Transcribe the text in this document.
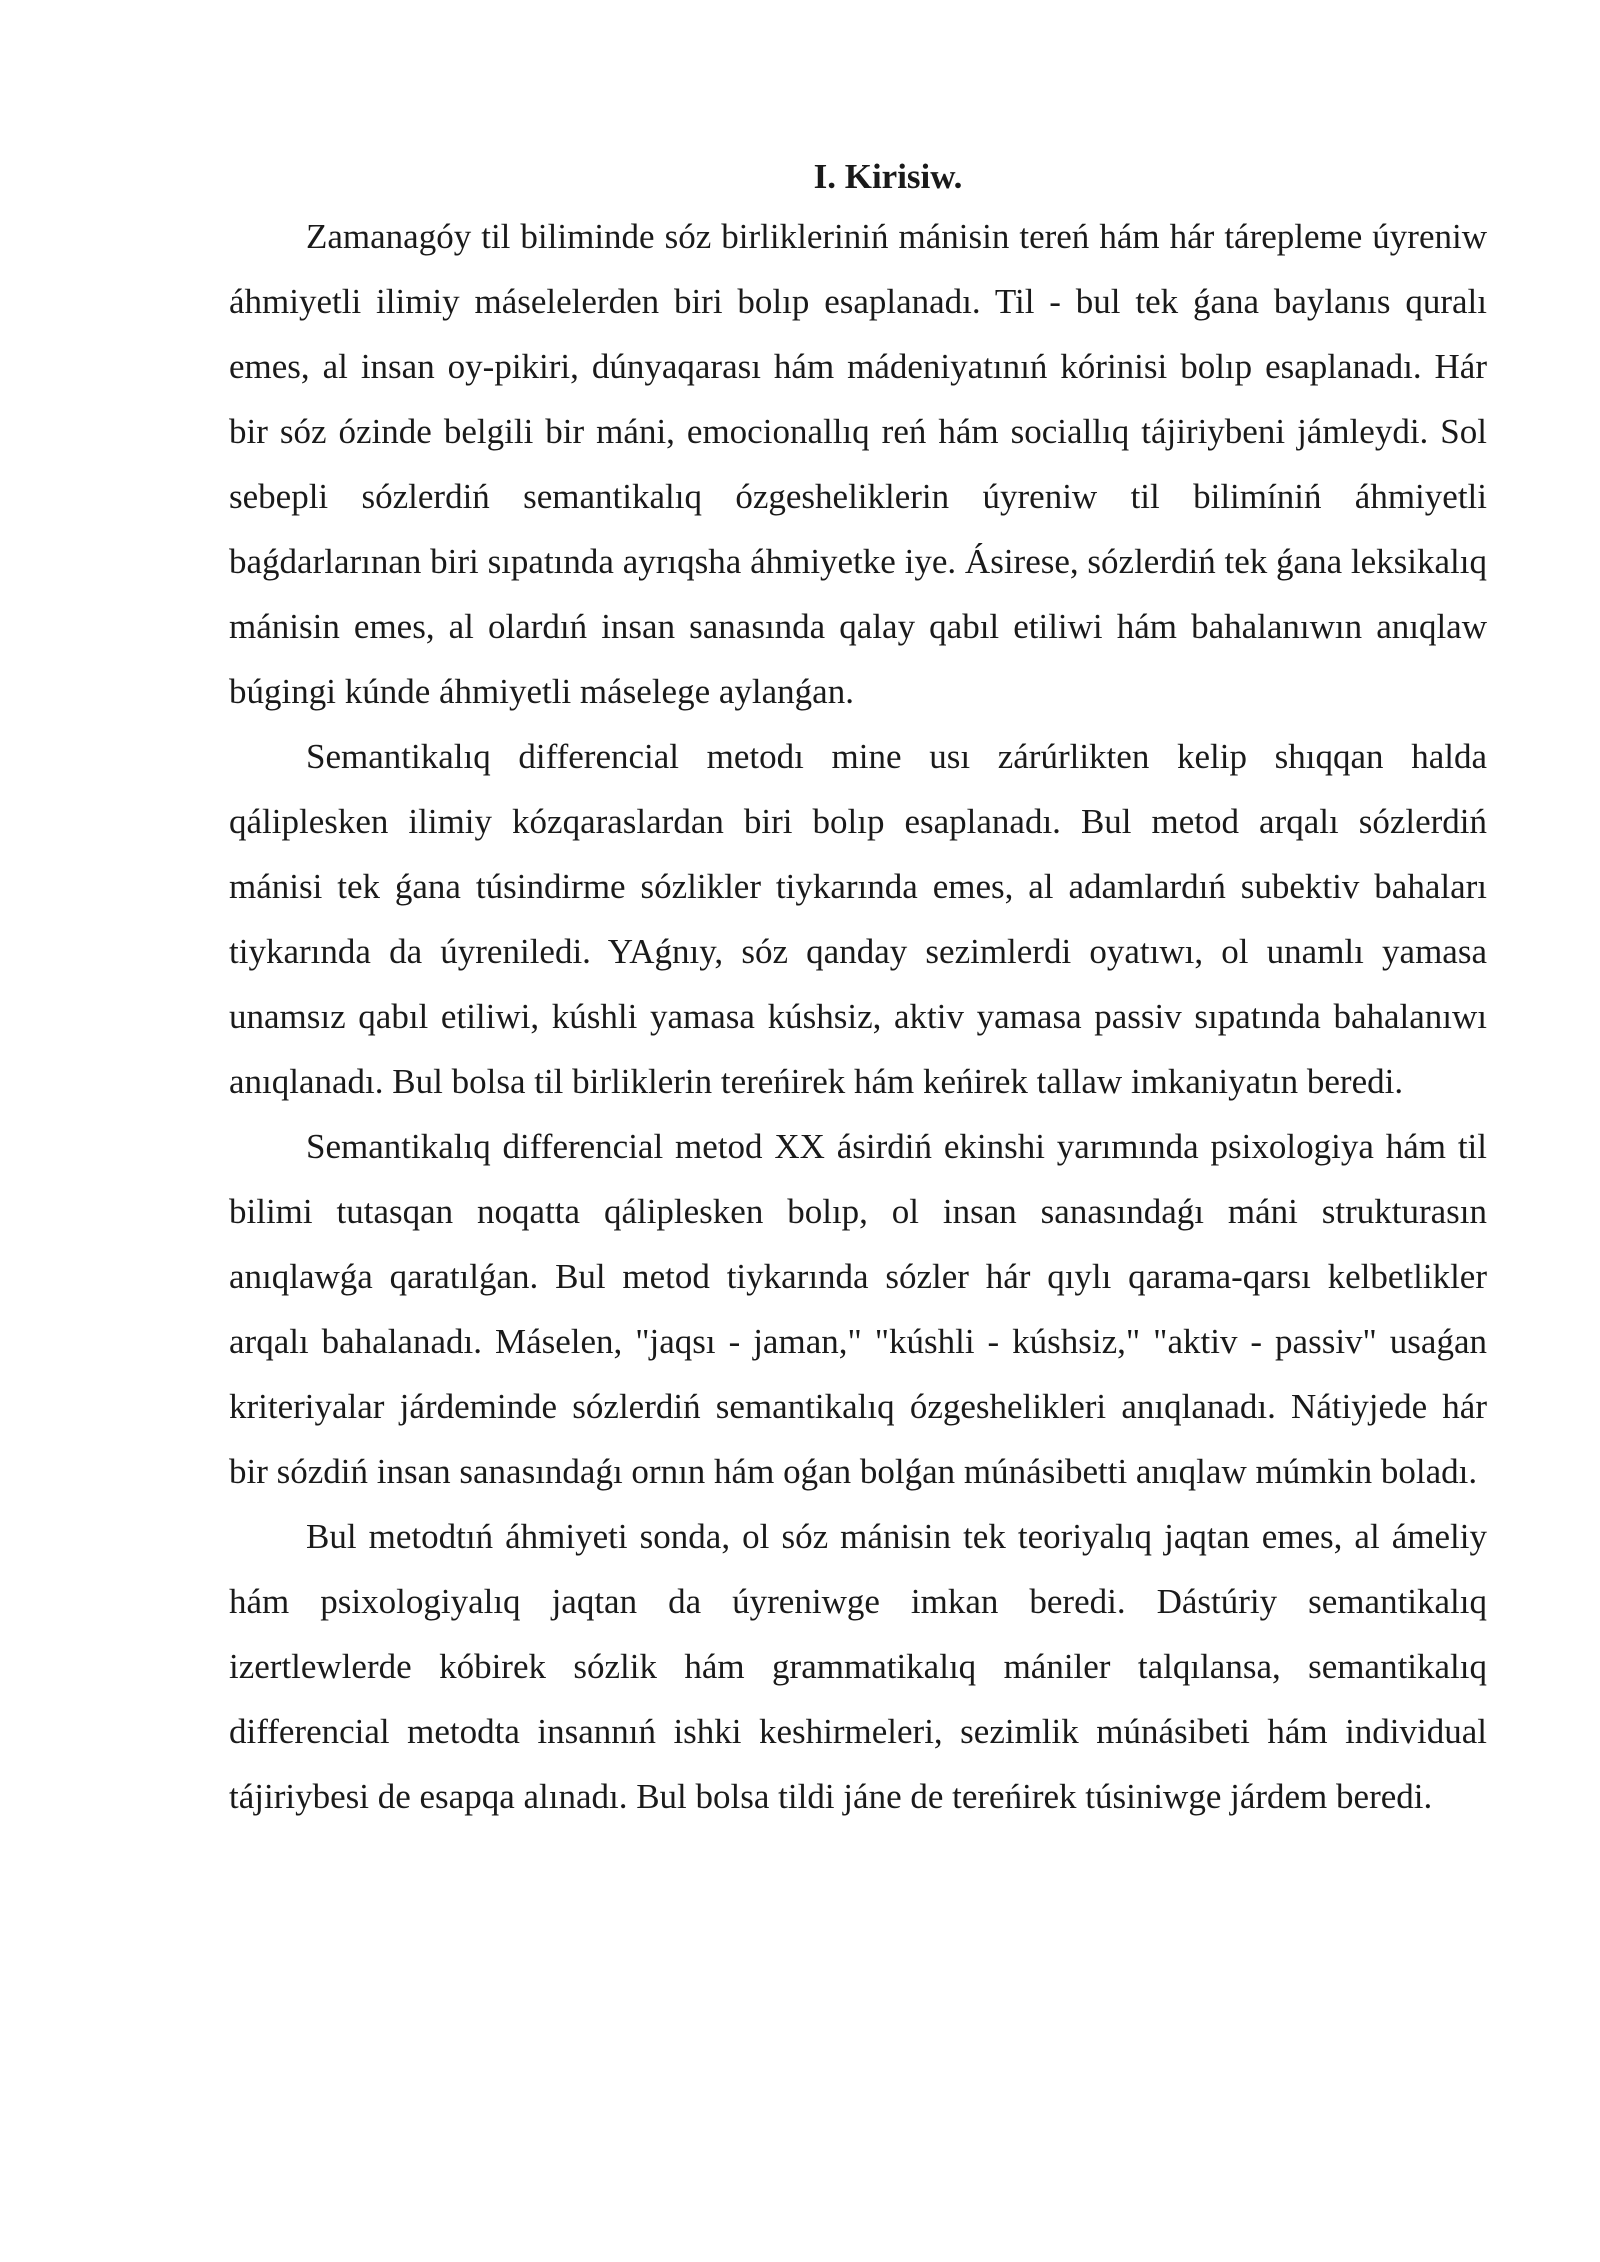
I. Kirisiw.

Zamanagóy til biliminde sóz birlikleriniń mánisin tereń hám hár tárepleme úyreniw áhmiyetli ilimiy máselelerden biri bolıp esaplanadı. Til - bul tek ǵana baylanıs quralı emes, al insan oy-pikiri, dúnyaqarası hám mádeniyatınıń kórinisi bolıp esaplanadı. Hár bir sóz ózinde belgili bir máni, emocionallıq reń hám sociallıq tájiriybeni jámleydi. Sol sebepli sózlerdiń semantikalıq ózgesheliklerin úyreniw til bilimíniń áhmiyetli baǵdarlarınan biri sıpatında ayrıqsha áhmiyetke iye. Ásirese, sózlerdiń tek ǵana leksikalıq mánisin emes, al olardıń insan sanasında qalay qabıl etiliwi hám bahalanıwın anıqlaw búgingi kúnde áhmiyetli máselege aylanǵan.

Semantikalıq differencial metodı mine usı zárúrlikten kelip shıqqan halda qáliplesken ilimiy kózqaraslardan biri bolıp esaplanadı. Bul metod arqalı sózlerdiń mánisi tek ǵana túsindirme sózlikler tiykarında emes, al adamlardıń subektiv bahaları tiykarında da úyreniledi. YAǵnıy, sóz qanday sezimlerdi oyatıwı, ol unamlı yamasa unamsız qabıl etiliwi, kúshli yamasa kúshsiz, aktiv yamasa passiv sıpatında bahalanıwı anıqlanadı. Bul bolsa til birliklerin tereńirek hám keńirek tallaw imkaniyatın beredi.

Semantikalıq differencial metod XX ásirdiń ekinshi yarımında psixologiya hám til bilimi tutasqan noqatta qáliplesken bolıp, ol insan sanasındaǵı máni strukturasın anıqlawǵa qaratılǵan. Bul metod tiykarında sózler hár qıylı qarama-qarsı kelbetlikler arqalı bahalanadı. Máselen, "jaqsı - jaman," "kúshli - kúshsiz," "aktiv - passiv" usaǵan kriteriyalar járdeminde sózlerdiń semantikalıq ózgeshelikleri anıqlanadı. Nátiyjede hár bir sózdiń insan sanasındaǵı ornın hám oǵan bolǵan múnásibetti anıqlaw múmkin boladı.

Bul metodtıń áhmiyeti sonda, ol sóz mánisin tek teoriyalıq jaqtan emes, al ámeliy hám psixologiyalıq jaqtan da úyreniwge imkan beredi. Dástúriy semantikalıq izertlewlerde kóbirek sózlik hám grammatikalıq mániler talqılansa, semantikalıq differencial metodta insannıń ishki keshirmeleri, sezimlik múnásibeti hám individual tájiriybesi de esapqa alınadı. Bul bolsa tildi jáne de tereńirek túsiniwge járdem beredi.
